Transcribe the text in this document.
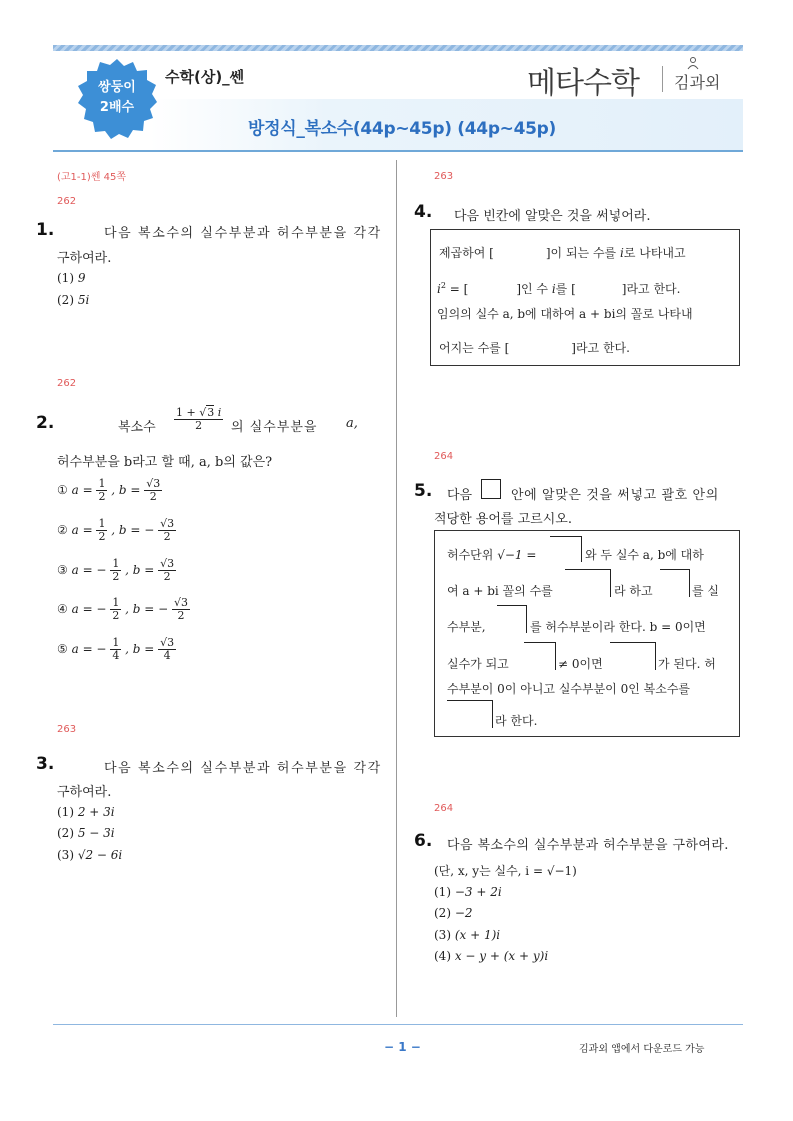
쌍둥이
2배수
수학(상)_쎈
방정식_복소수(44p~45p) (44p~45p)
메타수학 김과외
(고1-1)쎈 45쪽
262
1.	다음 복소수의 실수부분과 허수부분을 각각
구하여라.
(1) 9
(2) 5i
262
2.	복소수 $\frac{1 + √3 i}{2}$ 의 실수부분을 a,
허수부분을 b라고 할 때, a, b의 값은?
① $a = \frac{1}{2}$ , $b = \frac{√3}{2}$
② $a = \frac{1}{2}$ , b = − $\frac{√3}{2}$
③ a = − $\frac{1}{2}$ , $b = \frac{√3}{2}$
④ a = − $\frac{1}{2}$ , b = − $\frac{√3}{2}$
⑤ a = − $\frac{1}{4}$ , $b = \frac{√3}{4}$
263
3.	다음 복소수의 실수부분과 허수부분을 각각
구하여라.
(1) 2 + 3i
(2) 5 − 3i
(3) √2 − 6i
263
4. 다음 빈칸에 알맞은 것을 써넣어라.
제곱하여 [	]이 되는 수를 i로 나타내고
$i^2$ = [	]인 수 i를 [	]라고 한다.
임의의 실수 a, b에 대하여 a + bi의 꼴로 나타내
어지는 수를 [	]라고 한다.
264
5. 다음	안에 알맞은 것을 써넣고 괄호 안의
적당한 용어를 고르시오.
허수단위 √−1 =	와 두 실수 a, b에 대하
여 a + bi 꼴의 수를	라 하고	를 실
수부분,	를 허수부분이라 한다. b = 0이면
실수가 되고	≠ 0이면	가 된다. 허
수부분이 0이 아니고 실수부분이 0인 복소수를
라 한다.
264
6. 다음 복소수의 실수부분과 허수부분을 구하여라.
(단, x, y는 실수, i = √−1)
(1) −3 + 2i
(2) −2
(3) (x + 1)i
(4) x − y + (x + y)i
− 1 −	김과외 앱에서 다운로드 가능
